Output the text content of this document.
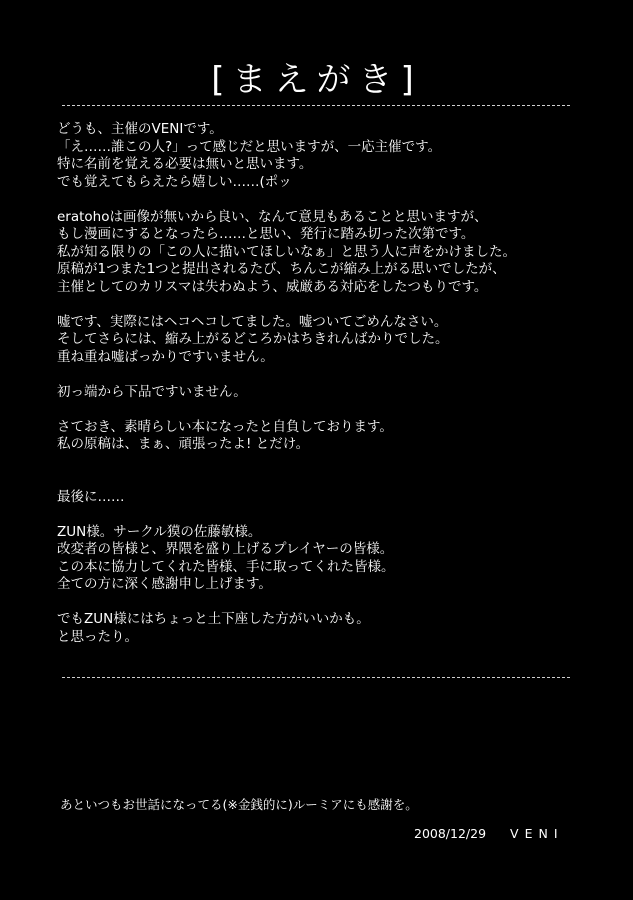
[まえがき]
どうも、主催のVENIです。
「え……誰この人?」って感じだと思いますが、一応主催です。
特に名前を覚える必要は無いと思います。
でも覚えてもらえたら嬉しい……(ポッ
eratohoは画像が無いから良い、なんて意見もあることと思いますが、
もし漫画にするとなったら……と思い、発行に踏み切った次第です。
私が知る限りの「この人に描いてほしいなぁ」と思う人に声をかけました。
原稿が1つまた1つと提出されるたび、ちんこが縮み上がる思いでしたが、
主催としてのカリスマは失わぬよう、威厳ある対応をしたつもりです。
嘘です、実際にはヘコヘコしてました。嘘ついてごめんなさい。
そしてさらには、縮み上がるどころかはちきれんばかりでした。
重ね重ね嘘ばっかりですいません。
初っ端から下品ですいません。
さておき、素晴らしい本になったと自負しております。
私の原稿は、まぁ、頑張ったよ! とだけ。
最後に……
ZUN様。サークル獏の佐藤敏様。
改変者の皆様と、界隈を盛り上げるプレイヤーの皆様。
この本に協力してくれた皆様、手に取ってくれた皆様。
全ての方に深く感謝申し上げます。
でもZUN様にはちょっと土下座した方がいいかも。
と思ったり。
あといつもお世話になってる(※金銭的に)ルーミアにも感謝を。
2008/12/29 VENI
